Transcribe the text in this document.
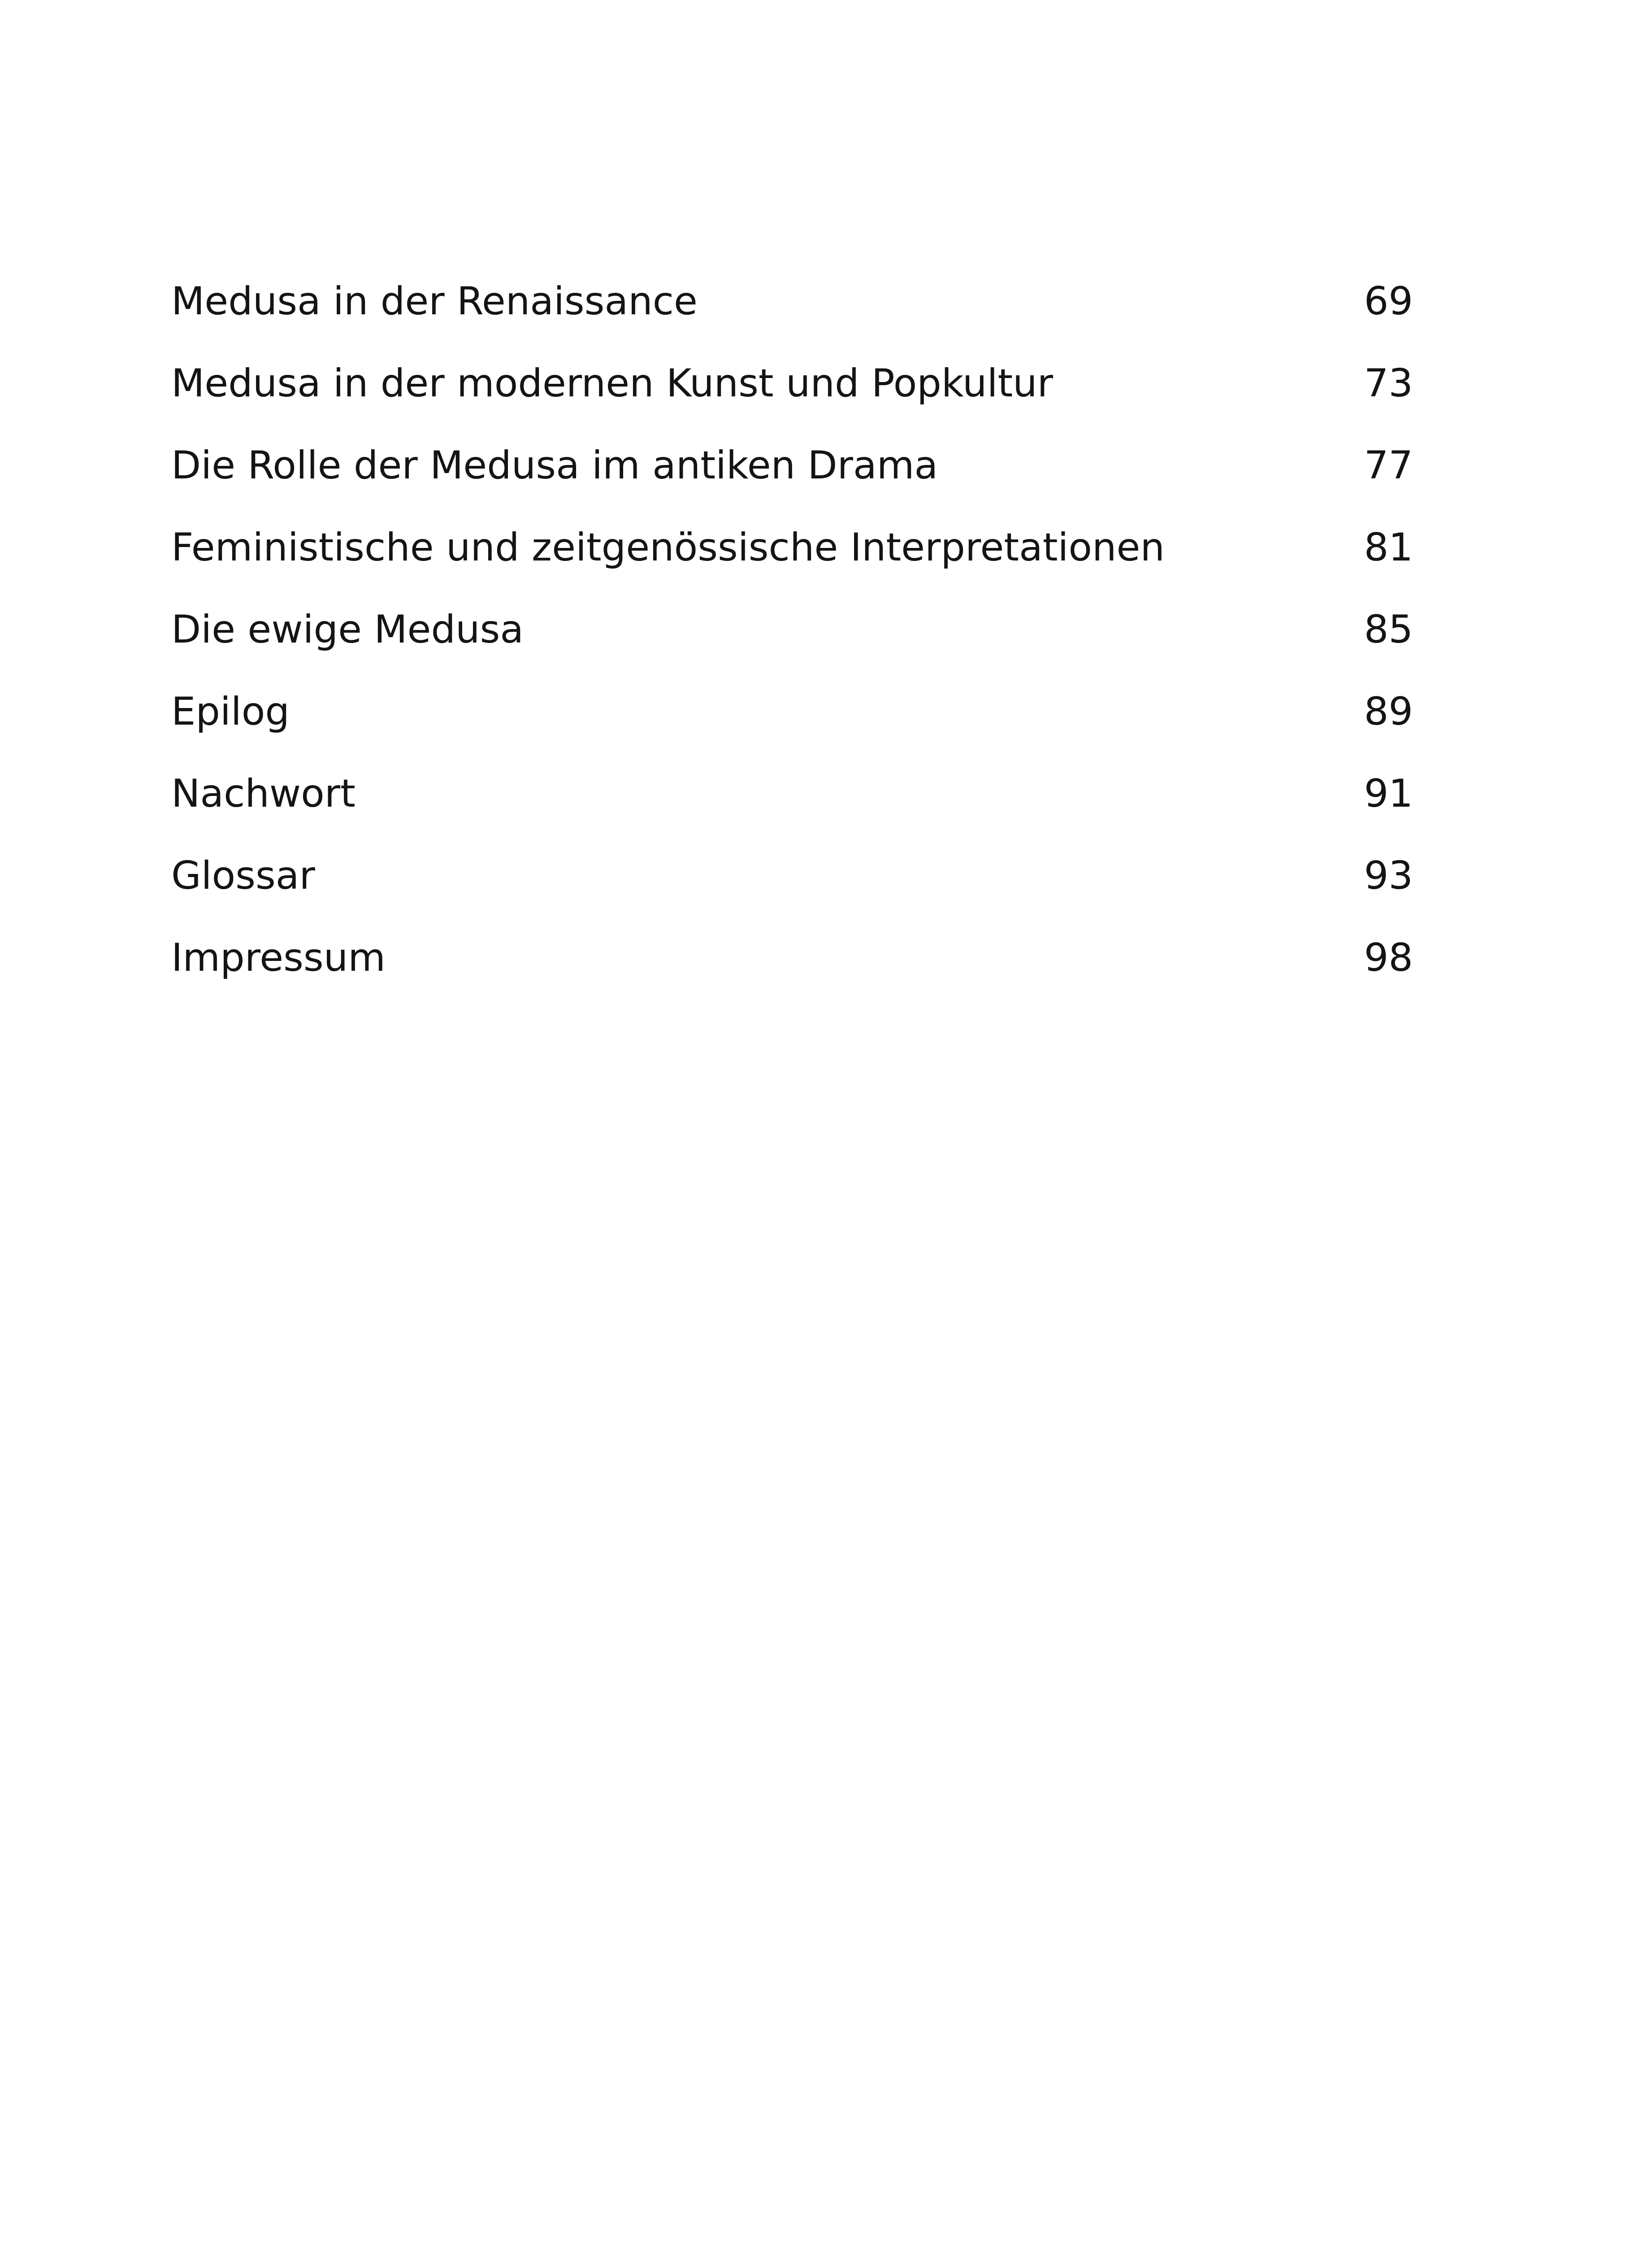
Medusa in der Renaissance	69
Medusa in der modernen Kunst und Popkultur	73
Die Rolle der Medusa im antiken Drama	77
Feministische und zeitgenössische Interpretationen	81
Die ewige Medusa	85
Epilog	89
Nachwort	91
Glossar	93
Impressum	98
